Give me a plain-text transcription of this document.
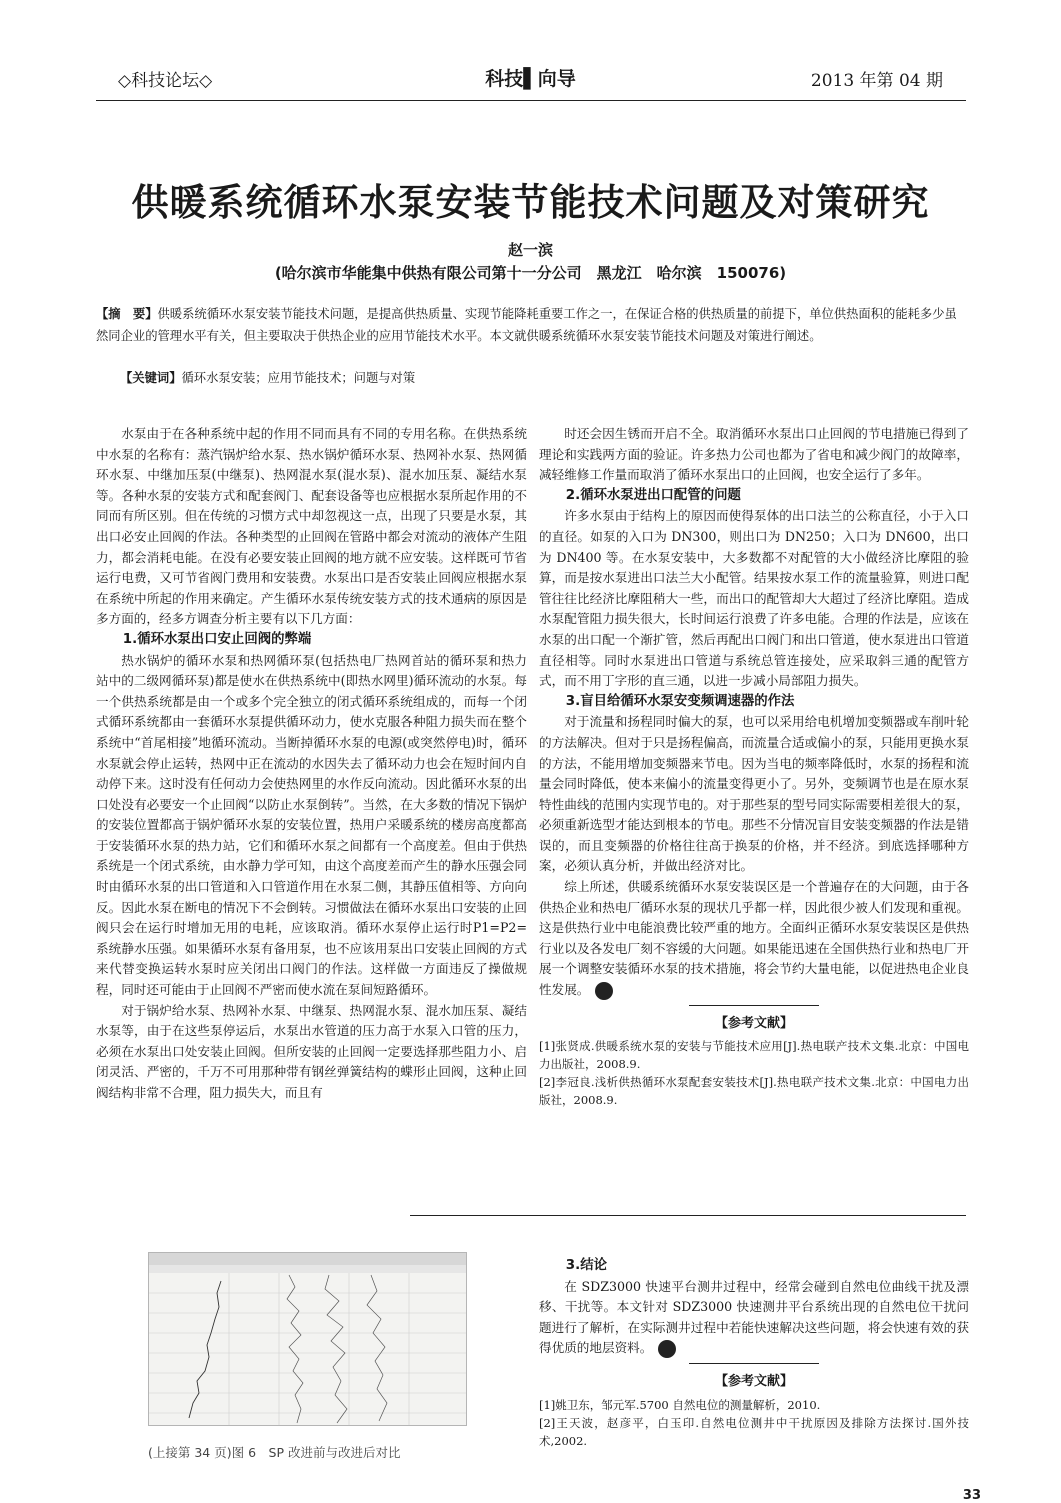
◇科技论坛◇	科技▌向导	2013 年第 04 期
供暖系统循环水泵安装节能技术问题及对策研究
赵一滨
(哈尔滨市华能集中供热有限公司第十一分公司　黑龙江　哈尔滨　150076)
【摘　要】供暖系统循环水泵安装节能技术问题，是提高供热质量、实现节能降耗重要工作之一，在保证合格的供热质量的前提下，单位供热面积的能耗多少虽然同企业的管理水平有关，但主要取决于供热企业的应用节能技术水平。本文就供暖系统循环水泵安装节能技术问题及对策进行阐述。
【关键词】循环水泵安装；应用节能技术；问题与对策

水泵由于在各种系统中起的作用不同而具有不同的专用名称。在供热系统中水泵的名称有：蒸汽锅炉给水泵、热水锅炉循环水泵、热网补水泵、热网循环水泵、中继加压泵(中继泵)、热网混水泵(混水泵)、混水加压泵、凝结水泵等。各种水泵的安装方式和配套阀门、配套设备等也应根据水泵所起作用的不同而有所区别。但在传统的习惯方式中却忽视这一点，出现了只要是水泵，其出口必安止回阀的作法。各种类型的止回阀在管路中都会对流动的液体产生阻力，都会消耗电能。在没有必要安装止回阀的地方就不应安装。这样既可节省运行电费，又可节省阀门费用和安装费。水泵出口是否安装止回阀应根据水泵在系统中所起的作用来确定。产生循环水泵传统安装方式的技术通病的原因是多方面的，经多方调查分析主要有以下几方面：

1.循环水泵出口安止回阀的弊端

热水锅炉的循环水泵和热网循环泵(包括热电厂热网首站的循环泵和热力站中的二级网循环泵)都是使水在供热系统中(即热水网里)循环流动的水泵。每一个供热系统都是由一个或多个完全独立的闭式循环系统组成的，而每一个闭式循环系统都由一套循环水泵提供循环动力，使水克服各种阻力损失而在整个系统中“首尾相接”地循环流动。当断掉循环水泵的电源(或突然停电)时，循环水泵就会停止运转，热网中正在流动的水因失去了循环动力也会在短时间内自动停下来。这时没有任何动力会使热网里的水作反向流动。因此循环水泵的出口处没有必要安一个止回阀“以防止水泵倒转”。当然，在大多数的情况下锅炉的安装位置都高于锅炉循环水泵的安装位置，热用户采暖系统的楼房高度都高于安装循环水泵的热力站，它们和循环水泵之间都有一个高度差。但由于供热系统是一个闭式系统，由水静力学可知，由这个高度差而产生的静水压强会同时由循环水泵的出口管道和入口管道作用在水泵二侧，其静压值相等、方向向反。因此水泵在断电的情况下不会倒转。习惯做法在循环水泵出口安装的止回阀只会在运行时增加无用的电耗，应该取消。循环水泵停止运行时P1=P2=系统静水压强。如果循环水泵有备用泵，也不应该用泵出口安装止回阀的方式来代替变换运转水泵时应关闭出口阀门的作法。这样做一方面违反了操做规程，同时还可能由于止回阀不严密而使水流在泵间短路循环。

对于锅炉给水泵、热网补水泵、中继泵、热网混水泵、混水加压泵、凝结水泵等，由于在这些泵停运后，水泵出水管道的压力高于水泵入口管的压力，必须在水泵出口处安装止回阀。但所安装的止回阀一定要选择那些阻力小、启闭灵活、严密的，千万不可用那种带有钢丝弹簧结构的蝶形止回阀，这种止回阀结构非常不合理，阻力损失大，而且有

时还会因生锈而开启不全。取消循环水泵出口止回阀的节电措施已得到了理论和实践两方面的验证。许多热力公司也都为了省电和减少阀门的故障率，减轻维修工作量而取消了循环水泵出口的止回阀，也安全运行了多年。

2.循环水泵进出口配管的问题

许多水泵由于结构上的原因而使得泵体的出口法兰的公称直径，小于入口的直径。如泵的入口为 DN300，则出口为 DN250；入口为 DN600，出口为 DN400 等。在水泵安装中，大多数都不对配管的大小做经济比摩阻的验算，而是按水泵进出口法兰大小配管。结果按水泵工作的流量验算，则进口配管往往比经济比摩阻稍大一些，而出口的配管却大大超过了经济比摩阻。造成水泵配管阻力损失很大，长时间运行浪费了许多电能。合理的作法是，应该在水泵的出口配一个渐扩管，然后再配出口阀门和出口管道，使水泵进出口管道直径相等。同时水泵进出口管道与系统总管连接处，应采取斜三通的配管方式，而不用丁字形的直三通，以进一步减小局部阻力损失。

3.盲目给循环水泵安变频调速器的作法

对于流量和扬程同时偏大的泵，也可以采用给电机增加变频器或车削叶轮的方法解决。但对于只是扬程偏高，而流量合适或偏小的泵，只能用更换水泵的方法，不能用增加变频器来节电。因为当电的频率降低时，水泵的扬程和流量会同时降低，使本来偏小的流量变得更小了。另外，变频调节也是在原水泵特性曲线的范围内实现节电的。对于那些泵的型号同实际需要相差很大的泵，必须重新选型才能达到根本的节电。那些不分情况盲目安装变频器的作法是错误的，而且变频器的价格往往高于换泵的价格，并不经济。到底选择哪种方案，必须认真分析，并做出经济对比。

综上所述，供暖系统循环水泵安装误区是一个普遍存在的大问题，由于各供热企业和热电厂循环水泵的现状几乎都一样，因此很少被人们发现和重视。这是供热行业中电能浪费比较严重的地方。全面纠正循环水泵安装误区是供热行业以及各发电厂刻不容缓的大问题。如果能迅速在全国供热行业和热电厂开展一个调整安装循环水泵的技术措施，将会节约大量电能，以促进热电企业良性发展。

【参考文献】
[1]张贤成.供暖系统水泵的安装与节能技术应用[J].热电联产技术文集.北京：中国电力出版社，2008.9.
[2]李冠良.浅析供热循环水泵配套安装技术[J].热电联产技术文集.北京：中国电力出版社，2008.9.
(上接第 34 页)图 6　SP 改进前与改进后对比
3.结论

在 SDZ3000 快速平台测井过程中，经常会碰到自然电位曲线干扰及漂移、干扰等。本文针对 SDZ3000 快速测井平台系统出现的自然电位干扰问题进行了解析，在实际测井过程中若能快速解决这些问题，将会快速有效的获得优质的地层资料。

【参考文献】
[1]姚卫东，邹元军.5700 自然电位的测量解析，2010.
[2]王天波，赵彦平，白玉印.自然电位测井中干扰原因及排除方法探讨.国外技术,2002.
33
